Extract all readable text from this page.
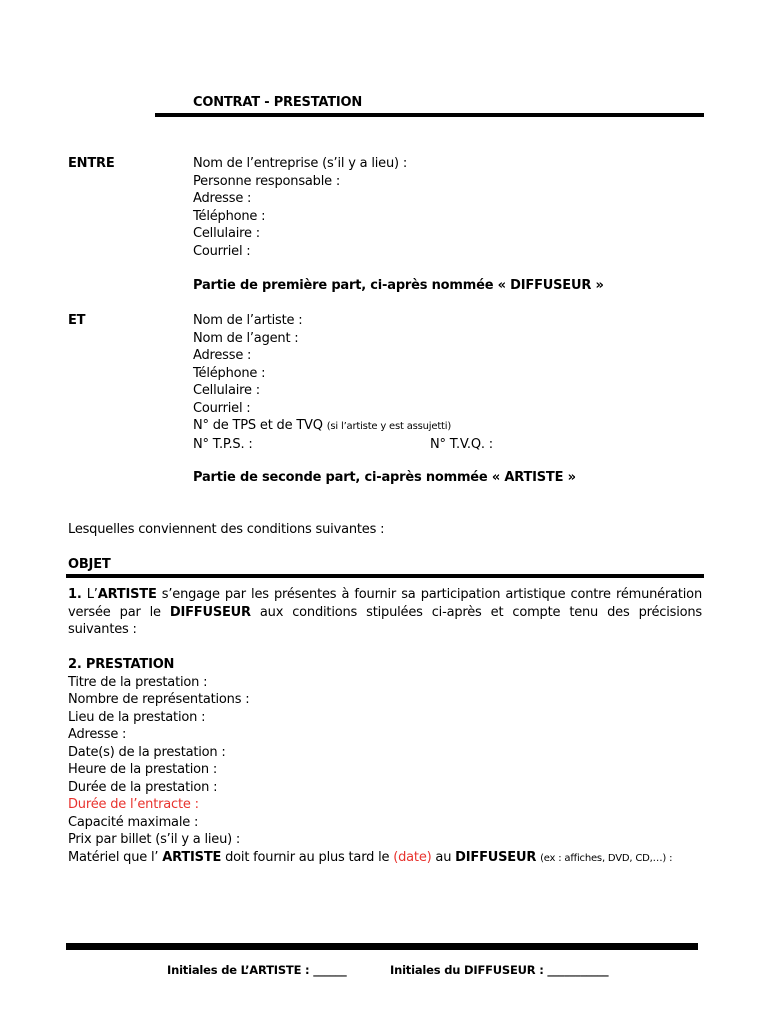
CONTRAT - PRESTATION
ENTRE	Nom de l’entreprise (s’il y a lieu) :
Personne responsable :
Adresse :
Téléphone :
Cellulaire :
Courriel :
Partie de première part, ci-après nommée « DIFFUSEUR »
ET	Nom de l’artiste :
Nom de l’agent :
Adresse :
Téléphone :
Cellulaire :
Courriel :
N° de TPS et de TVQ (si l’artiste y est assujetti)
N° T.P.S. :	N° T.V.Q. :
Partie de seconde part, ci-après nommée « ARTISTE »
Lesquelles conviennent des conditions suivantes :
OBJET
1. L’ARTISTE s’engage par les présentes à fournir sa participation artistique contre rémunération versée par le DIFFUSEUR aux conditions stipulées ci-après et compte tenu des précisions suivantes :
2. PRESTATION
Titre de la prestation :
Nombre de représentations :
Lieu de la prestation :
Adresse :
Date(s) de la prestation :
Heure de la prestation :
Durée de la prestation :
Durée de l’entracte :
Capacité maximale :
Prix par billet (s’il y a lieu) :
Matériel que l’ ARTISTE doit fournir au plus tard le (date) au DIFFUSEUR (ex : affiches, DVD, CD,…) :
Initiales de L’ARTISTE : ______	Initiales du DIFFUSEUR : ___________
